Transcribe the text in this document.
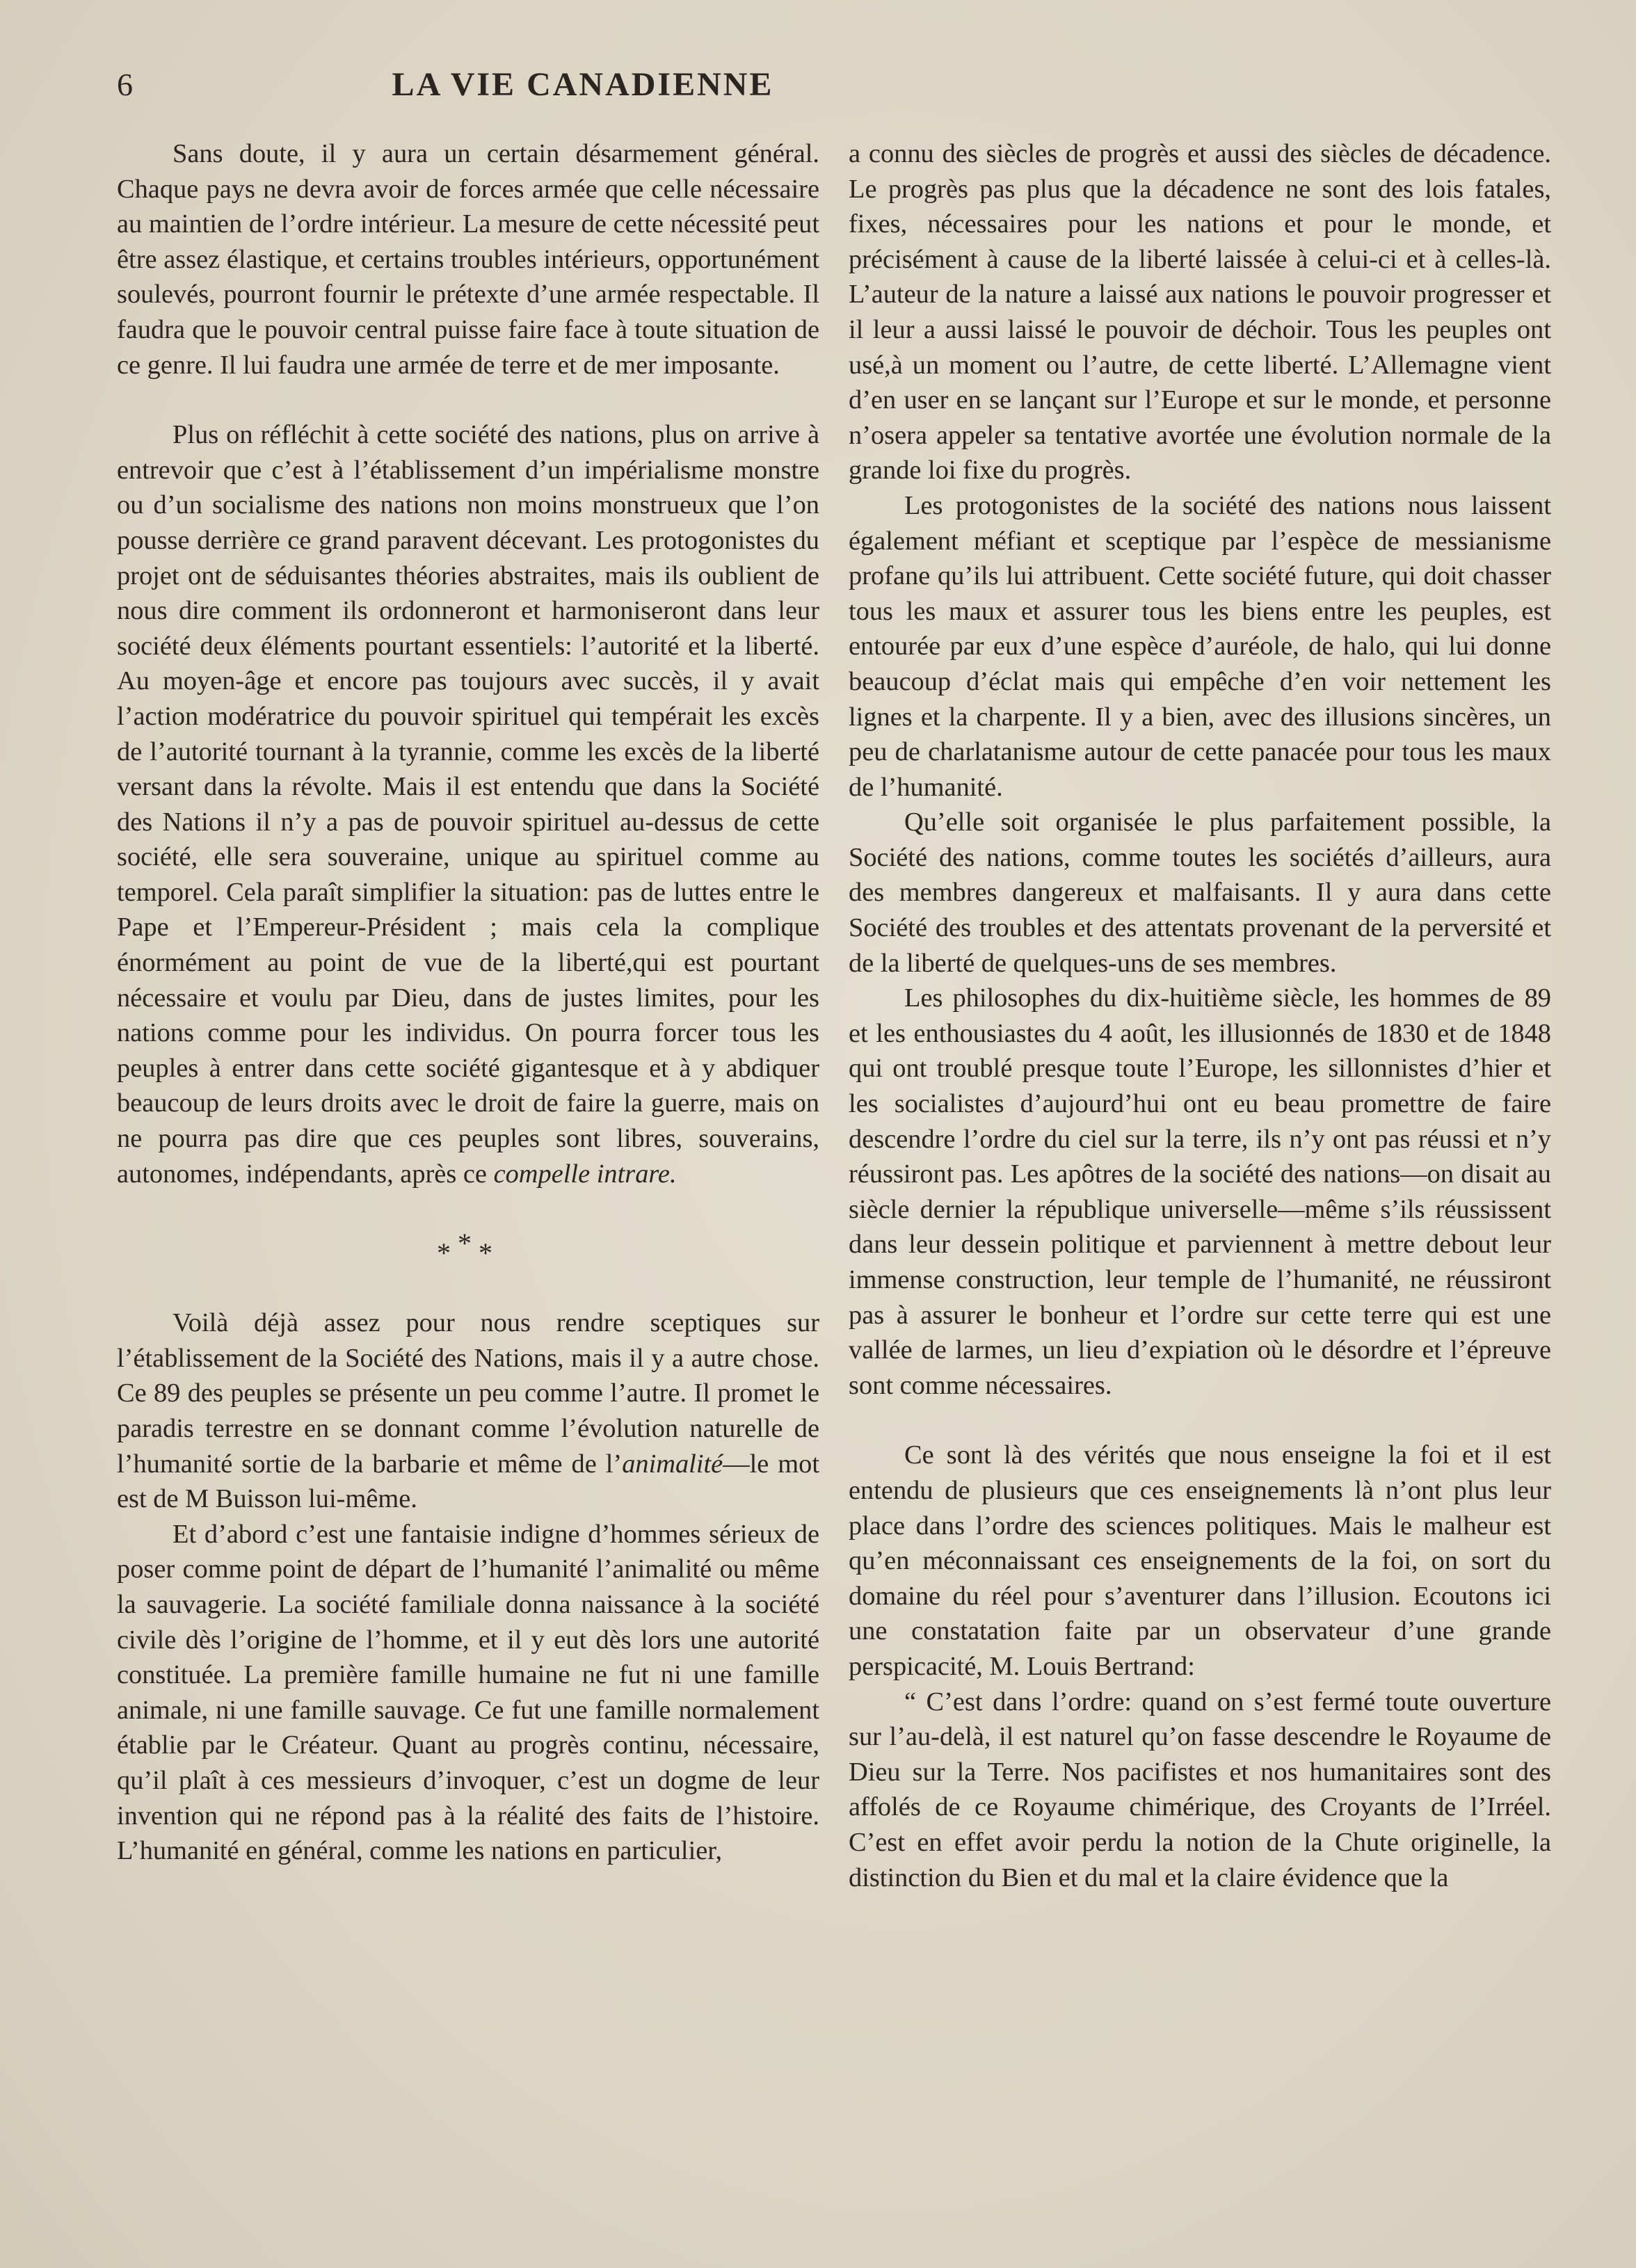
6	LA VIE CANADIENNE

Sans doute, il y aura un certain désarmement général. Chaque pays ne devra avoir de forces armée que celle nécessaire au maintien de l’ordre intérieur. La mesure de cette nécessité peut être assez élastique, et certains troubles intérieurs, opportunément soulevés, pourront fournir le prétexte d’une armée respectable. Il faudra que le pouvoir central puisse faire face à toute situation de ce genre. Il lui faudra une armée de terre et de mer imposante.

Plus on réfléchit à cette société des nations, plus on arrive à entrevoir que c’est à l’établissement d’un impérialisme monstre ou d’un socialisme des nations non moins monstrueux que l’on pousse derrière ce grand paravent décevant. Les protogonistes du projet ont de séduisantes théories abstraites, mais ils oublient de nous dire comment ils ordonneront et harmoniseront dans leur société deux éléments pourtant essentiels: l’autorité et la liberté. Au moyen-âge et encore pas toujours avec succès, il y avait l’action modératrice du pouvoir spirituel qui tempérait les excès de l’autorité tournant à la tyrannie, comme les excès de la liberté versant dans la révolte. Mais il est entendu que dans la Société des Nations il n’y a pas de pouvoir spirituel au-dessus de cette société, elle sera souveraine, unique au spirituel comme au temporel. Cela paraît simplifier la situation: pas de luttes entre le Pape et l’Empereur-Président ; mais cela la complique énormément au point de vue de la liberté,qui est pourtant nécessaire et voulu par Dieu, dans de justes limites, pour les nations comme pour les individus. On pourra forcer tous les peuples à entrer dans cette société gigantesque et à y abdiquer beaucoup de leurs droits avec le droit de faire la guerre, mais on ne pourra pas dire que ces peuples sont libres, souverains, autonomes, indépendants, après ce compelle intrare.

***

Voilà déjà assez pour nous rendre sceptiques sur l’établissement de la Société des Nations, mais il y a autre chose. Ce 89 des peuples se présente un peu comme l’autre. Il promet le paradis terrestre en se donnant comme l’évolution naturelle de l’humanité sortie de la barbarie et même de l’animalité—le mot est de M Buisson lui-même.

Et d’abord c’est une fantaisie indigne d’hommes sérieux de poser comme point de départ de l’humanité l’animalité ou même la sauvagerie. La société familiale donna naissance à la société civile dès l’origine de l’homme, et il y eut dès lors une autorité constituée. La première famille humaine ne fut ni une famille animale, ni une famille sauvage. Ce fut une famille normalement établie par le Créateur. Quant au progrès continu, nécessaire, qu’il plaît à ces messieurs d’invoquer, c’est un dogme de leur invention qui ne répond pas à la réalité des faits de l’histoire. L’humanité en général, comme les nations en particulier,

a connu des siècles de progrès et aussi des siècles de décadence. Le progrès pas plus que la décadence ne sont des lois fatales, fixes, nécessaires pour les nations et pour le monde, et précisément à cause de la liberté laissée à celui-ci et à celles-là. L’auteur de la nature a laissé aux nations le pouvoir progresser et il leur a aussi laissé le pouvoir de déchoir. Tous les peuples ont usé,à un moment ou l’autre, de cette liberté. L’Allemagne vient d’en user en se lançant sur l’Europe et sur le monde, et personne n’osera appeler sa tentative avortée une évolution normale de la grande loi fixe du progrès.

Les protogonistes de la société des nations nous laissent également méfiant et sceptique par l’espèce de messianisme profane qu’ils lui attribuent. Cette société future, qui doit chasser tous les maux et assurer tous les biens entre les peuples, est entourée par eux d’une espèce d’auréole, de halo, qui lui donne beaucoup d’éclat mais qui empêche d’en voir nettement les lignes et la charpente. Il y a bien, avec des illusions sincères, un peu de charlatanisme autour de cette panacée pour tous les maux de l’humanité.

Qu’elle soit organisée le plus parfaitement possible, la Société des nations, comme toutes les sociétés d’ailleurs, aura des membres dangereux et malfaisants. Il y aura dans cette Société des troubles et des attentats provenant de la perversité et de la liberté de quelques-uns de ses membres.

Les philosophes du dix-huitième siècle, les hommes de 89 et les enthousiastes du 4 août, les illusionnés de 1830 et de 1848 qui ont troublé presque toute l’Europe, les sillonnistes d’hier et les socialistes d’aujourd’hui ont eu beau promettre de faire descendre l’ordre du ciel sur la terre, ils n’y ont pas réussi et n’y réussiront pas. Les apôtres de la société des nations—on disait au siècle dernier la république universelle—même s’ils réussissent dans leur dessein politique et parviennent à mettre debout leur immense construction, leur temple de l’humanité, ne réussiront pas à assurer le bonheur et l’ordre sur cette terre qui est une vallée de larmes, un lieu d’expiation où le désordre et l’épreuve sont comme nécessaires.

Ce sont là des vérités que nous enseigne la foi et il est entendu de plusieurs que ces enseignements là n’ont plus leur place dans l’ordre des sciences politiques. Mais le malheur est qu’en méconnaissant ces enseignements de la foi, on sort du domaine du réel pour s’aventurer dans l’illusion. Ecoutons ici une constatation faite par un observateur d’une grande perspicacité, M. Louis Bertrand:

“ C’est dans l’ordre: quand on s’est fermé toute ouverture sur l’au-delà, il est naturel qu’on fasse descendre le Royaume de Dieu sur la Terre. Nos pacifistes et nos humanitaires sont des affolés de ce Royaume chimérique, des Croyants de l’Irréel. C’est en effet avoir perdu la notion de la Chute originelle, la distinction du Bien et du mal et la claire évidence que la
